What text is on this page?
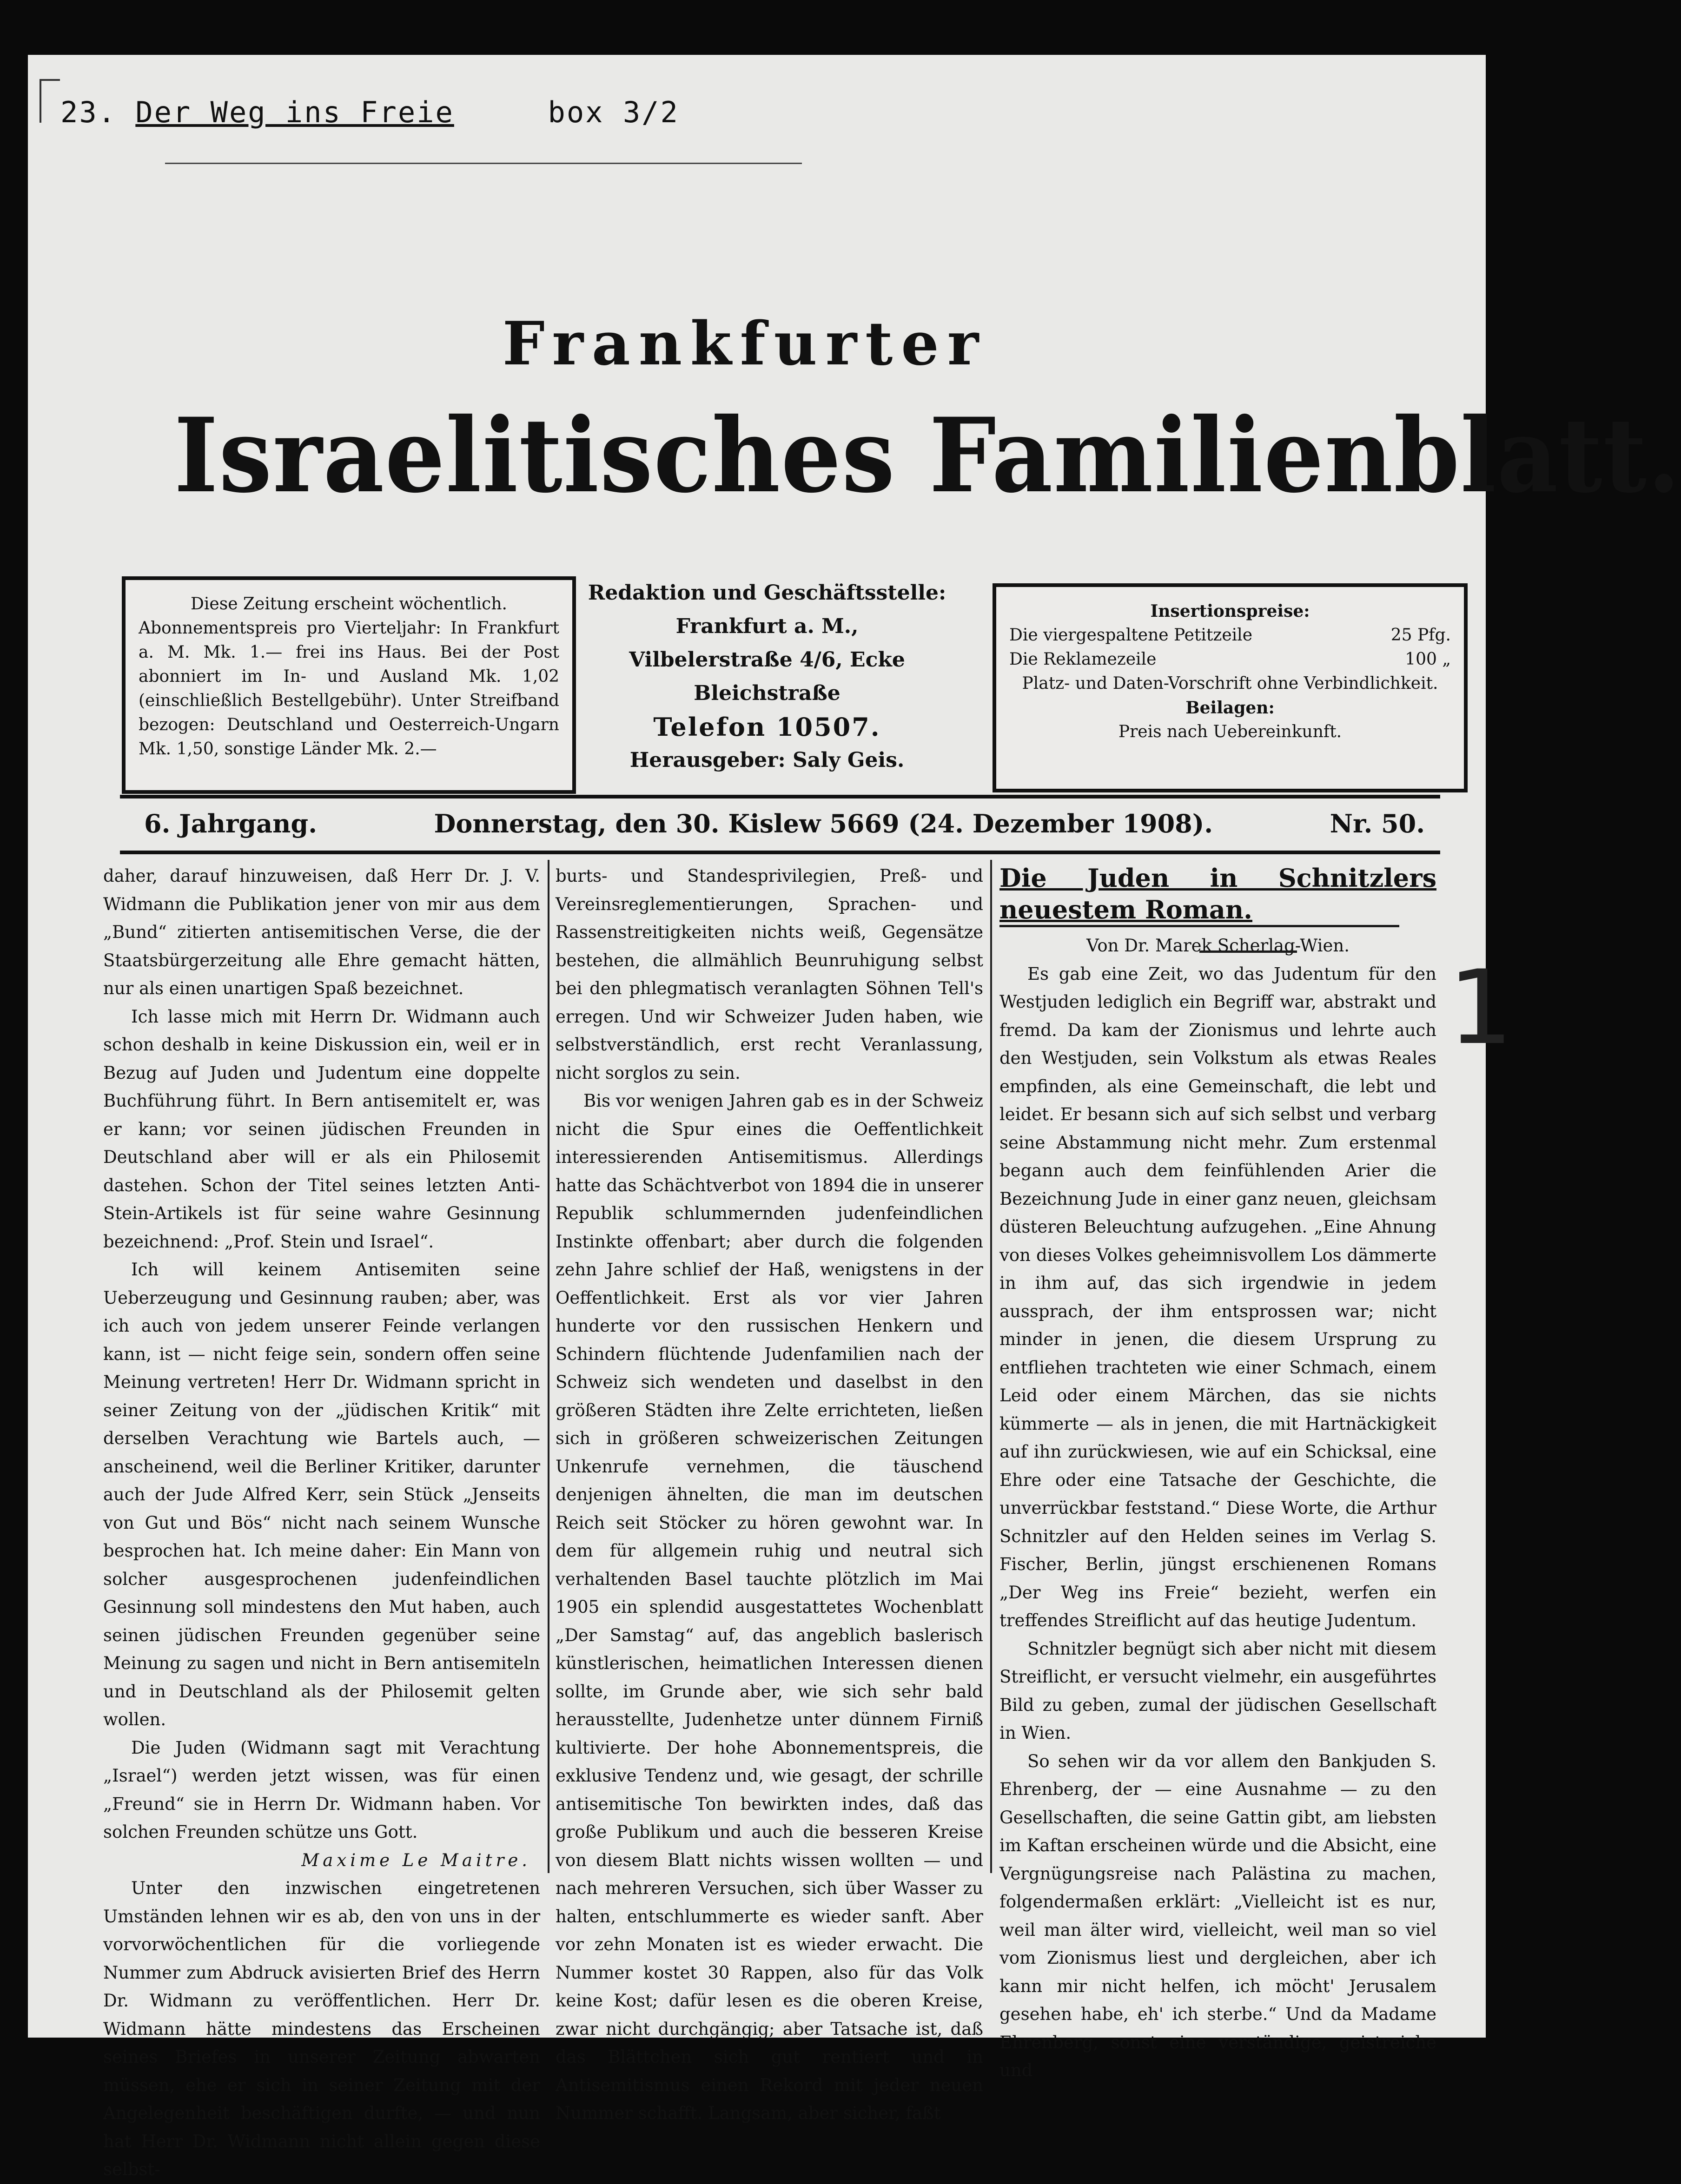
23. Der Weg ins Freie	box 3/2
Frankfurter
Israelitisches Familienblatt.
Diese Zeitung erscheint wöchentlich.
Abonnementspreis pro Vierteljahr: In Frankfurt a. M. Mk. 1.— frei ins Haus. Bei der Post abonniert im In- und Ausland Mk. 1,02 (einschließlich Bestellgebühr). Unter Streifband bezogen: Deutschland und Oesterreich-Ungarn Mk. 1,50, sonstige Länder Mk. 2.—
Redaktion und Geschäftsstelle:
Frankfurt a. M.,
Vilbelerstraße 4/6, Ecke Bleichstraße
Telefon 10507.
Herausgeber: Saly Geis.
Insertionspreise:
Die viergespaltene Petitzeile	25 Pfg.
Die Reklamezeile	100 „
Platz- und Daten-Vorschrift ohne Verbindlichkeit.
Beilagen:
Preis nach Uebereinkunft.
6. Jahrgang.	Donnerstag, den 30. Kislew 5669 (24. Dezember 1908).	Nr. 50.

daher, darauf hinzuweisen, daß Herr Dr. J. V. Widmann die Publikation jener von mir aus dem „Bund“ zitierten antisemitischen Verse, die der Staatsbürgerzeitung alle Ehre gemacht hätten, nur als einen unartigen Spaß bezeichnet.

Ich lasse mich mit Herrn Dr. Widmann auch schon deshalb in keine Diskussion ein, weil er in Bezug auf Juden und Judentum eine doppelte Buchführung führt. In Bern antisemitelt er, was er kann; vor seinen jüdischen Freunden in Deutschland aber will er als ein Philosemit dastehen. Schon der Titel seines letzten Anti-Stein-Artikels ist für seine wahre Gesinnung bezeichnend: „Prof. Stein und Israel“.

Ich will keinem Antisemiten seine Ueberzeugung und Gesinnung rauben; aber, was ich auch von jedem unserer Feinde verlangen kann, ist — nicht feige sein, sondern offen seine Meinung vertreten! Herr Dr. Widmann spricht in seiner Zeitung von der „jüdischen Kritik“ mit derselben Verachtung wie Bartels auch, — anscheinend, weil die Berliner Kritiker, darunter auch der Jude Alfred Kerr, sein Stück „Jenseits von Gut und Bös“ nicht nach seinem Wunsche besprochen hat. Ich meine daher: Ein Mann von solcher ausgesprochenen judenfeindlichen Gesinnung soll mindestens den Mut haben, auch seinen jüdischen Freunden gegenüber seine Meinung zu sagen und nicht in Bern antisemiteln und in Deutschland als der Philosemit gelten wollen.

Die Juden (Widmann sagt mit Verachtung „Israel“) werden jetzt wissen, was für einen „Freund“ sie in Herrn Dr. Widmann haben. Vor solchen Freunden schütze uns Gott.

Maxime Le Maitre.

Unter den inzwischen eingetretenen Umständen lehnen wir es ab, den von uns in der vorvorwöchentlichen für die vorliegende Nummer zum Abdruck avisierten Brief des Herrn Dr. Widmann zu veröffentlichen. Herr Dr. Widmann hätte mindestens das Erscheinen seines Briefes in unserer Zeitung abwarten müssen, ehe er sich in seiner Zeitung mit der Angelegenheit beschäftigen durfte, — und nun hat Herr Dr. Widmann nicht allein gegen diese selbst-

burts- und Standesprivilegien, Preß- und Vereinsreglementierungen, Sprachen- und Rassenstreitigkeiten nichts weiß, Gegensätze bestehen, die allmählich Beunruhigung selbst bei den phlegmatisch veranlagten Söhnen Tell's erregen. Und wir Schweizer Juden haben, wie selbstverständlich, erst recht Veranlassung, nicht sorglos zu sein.

Bis vor wenigen Jahren gab es in der Schweiz nicht die Spur eines die Oeffentlichkeit interessierenden Antisemitismus. Allerdings hatte das Schächtverbot von 1894 die in unserer Republik schlummernden judenfeindlichen Instinkte offenbart; aber durch die folgenden zehn Jahre schlief der Haß, wenigstens in der Oeffentlichkeit. Erst als vor vier Jahren hunderte vor den russischen Henkern und Schindern flüchtende Judenfamilien nach der Schweiz sich wendeten und daselbst in den größeren Städten ihre Zelte errichteten, ließen sich in größeren schweizerischen Zeitungen Unkenrufe vernehmen, die täuschend denjenigen ähnelten, die man im deutschen Reich seit Stöcker zu hören gewohnt war. In dem für allgemein ruhig und neutral sich verhaltenden Basel tauchte plötzlich im Mai 1905 ein splendid ausgestattetes Wochenblatt „Der Samstag“ auf, das angeblich baslerisch künstlerischen, heimatlichen Interessen dienen sollte, im Grunde aber, wie sich sehr bald herausstellte, Judenhetze unter dünnem Firniß kultivierte. Der hohe Abonnementspreis, die exklusive Tendenz und, wie gesagt, der schrille antisemitische Ton bewirkten indes, daß das große Publikum und auch die besseren Kreise von diesem Blatt nichts wissen wollten — und nach mehreren Versuchen, sich über Wasser zu halten, entschlummerte es wieder sanft. Aber vor zehn Monaten ist es wieder erwacht. Die Nummer kostet 30 Rappen, also für das Volk keine Kost; dafür lesen es die oberen Kreise, zwar nicht durchgängig; aber Tatsache ist, daß das Blättchen sich gut rentiert und in Antisemitismus einen Rekord mit jeder neuen Nummer schafft. Langsam, aber sicher, faßt

Die Juden in Schnitzlers neuestem Roman.

Von Dr. Marek Scherlag-Wien.

Es gab eine Zeit, wo das Judentum für den Westjuden lediglich ein Begriff war, abstrakt und fremd. Da kam der Zionismus und lehrte auch den Westjuden, sein Volkstum als etwas Reales empfinden, als eine Gemeinschaft, die lebt und leidet. Er besann sich auf sich selbst und verbarg seine Abstammung nicht mehr. Zum erstenmal begann auch dem feinfühlenden Arier die Bezeichnung Jude in einer ganz neuen, gleichsam düsteren Beleuchtung aufzugehen. „Eine Ahnung von dieses Volkes geheimnisvollem Los dämmerte in ihm auf, das sich irgendwie in jedem aussprach, der ihm entsprossen war; nicht minder in jenen, die diesem Ursprung zu entfliehen trachteten wie einer Schmach, einem Leid oder einem Märchen, das sie nichts kümmerte — als in jenen, die mit Hartnäckigkeit auf ihn zurückwiesen, wie auf ein Schicksal, eine Ehre oder eine Tatsache der Geschichte, die unverrückbar feststand.“ Diese Worte, die Arthur Schnitzler auf den Helden seines im Verlag S. Fischer, Berlin, jüngst erschienenen Romans „Der Weg ins Freie“ bezieht, werfen ein treffendes Streiflicht auf das heutige Judentum.

Schnitzler begnügt sich aber nicht mit diesem Streiflicht, er versucht vielmehr, ein ausgeführtes Bild zu geben, zumal der jüdischen Gesellschaft in Wien.

So sehen wir da vor allem den Bankjuden S. Ehrenberg, der — eine Ausnahme — zu den Gesellschaften, die seine Gattin gibt, am liebsten im Kaftan erscheinen würde und die Absicht, eine Vergnügungsreise nach Palästina zu machen, folgendermaßen erklärt: „Vielleicht ist es nur, weil man älter wird, vielleicht, weil man so viel vom Zionismus liest und dergleichen, aber ich kann mir nicht helfen, ich möcht' Jerusalem gesehen habe, eh' ich sterbe.“ Und da Madame Ehrenberg, sonst eine verständige, geistreiche und

1
